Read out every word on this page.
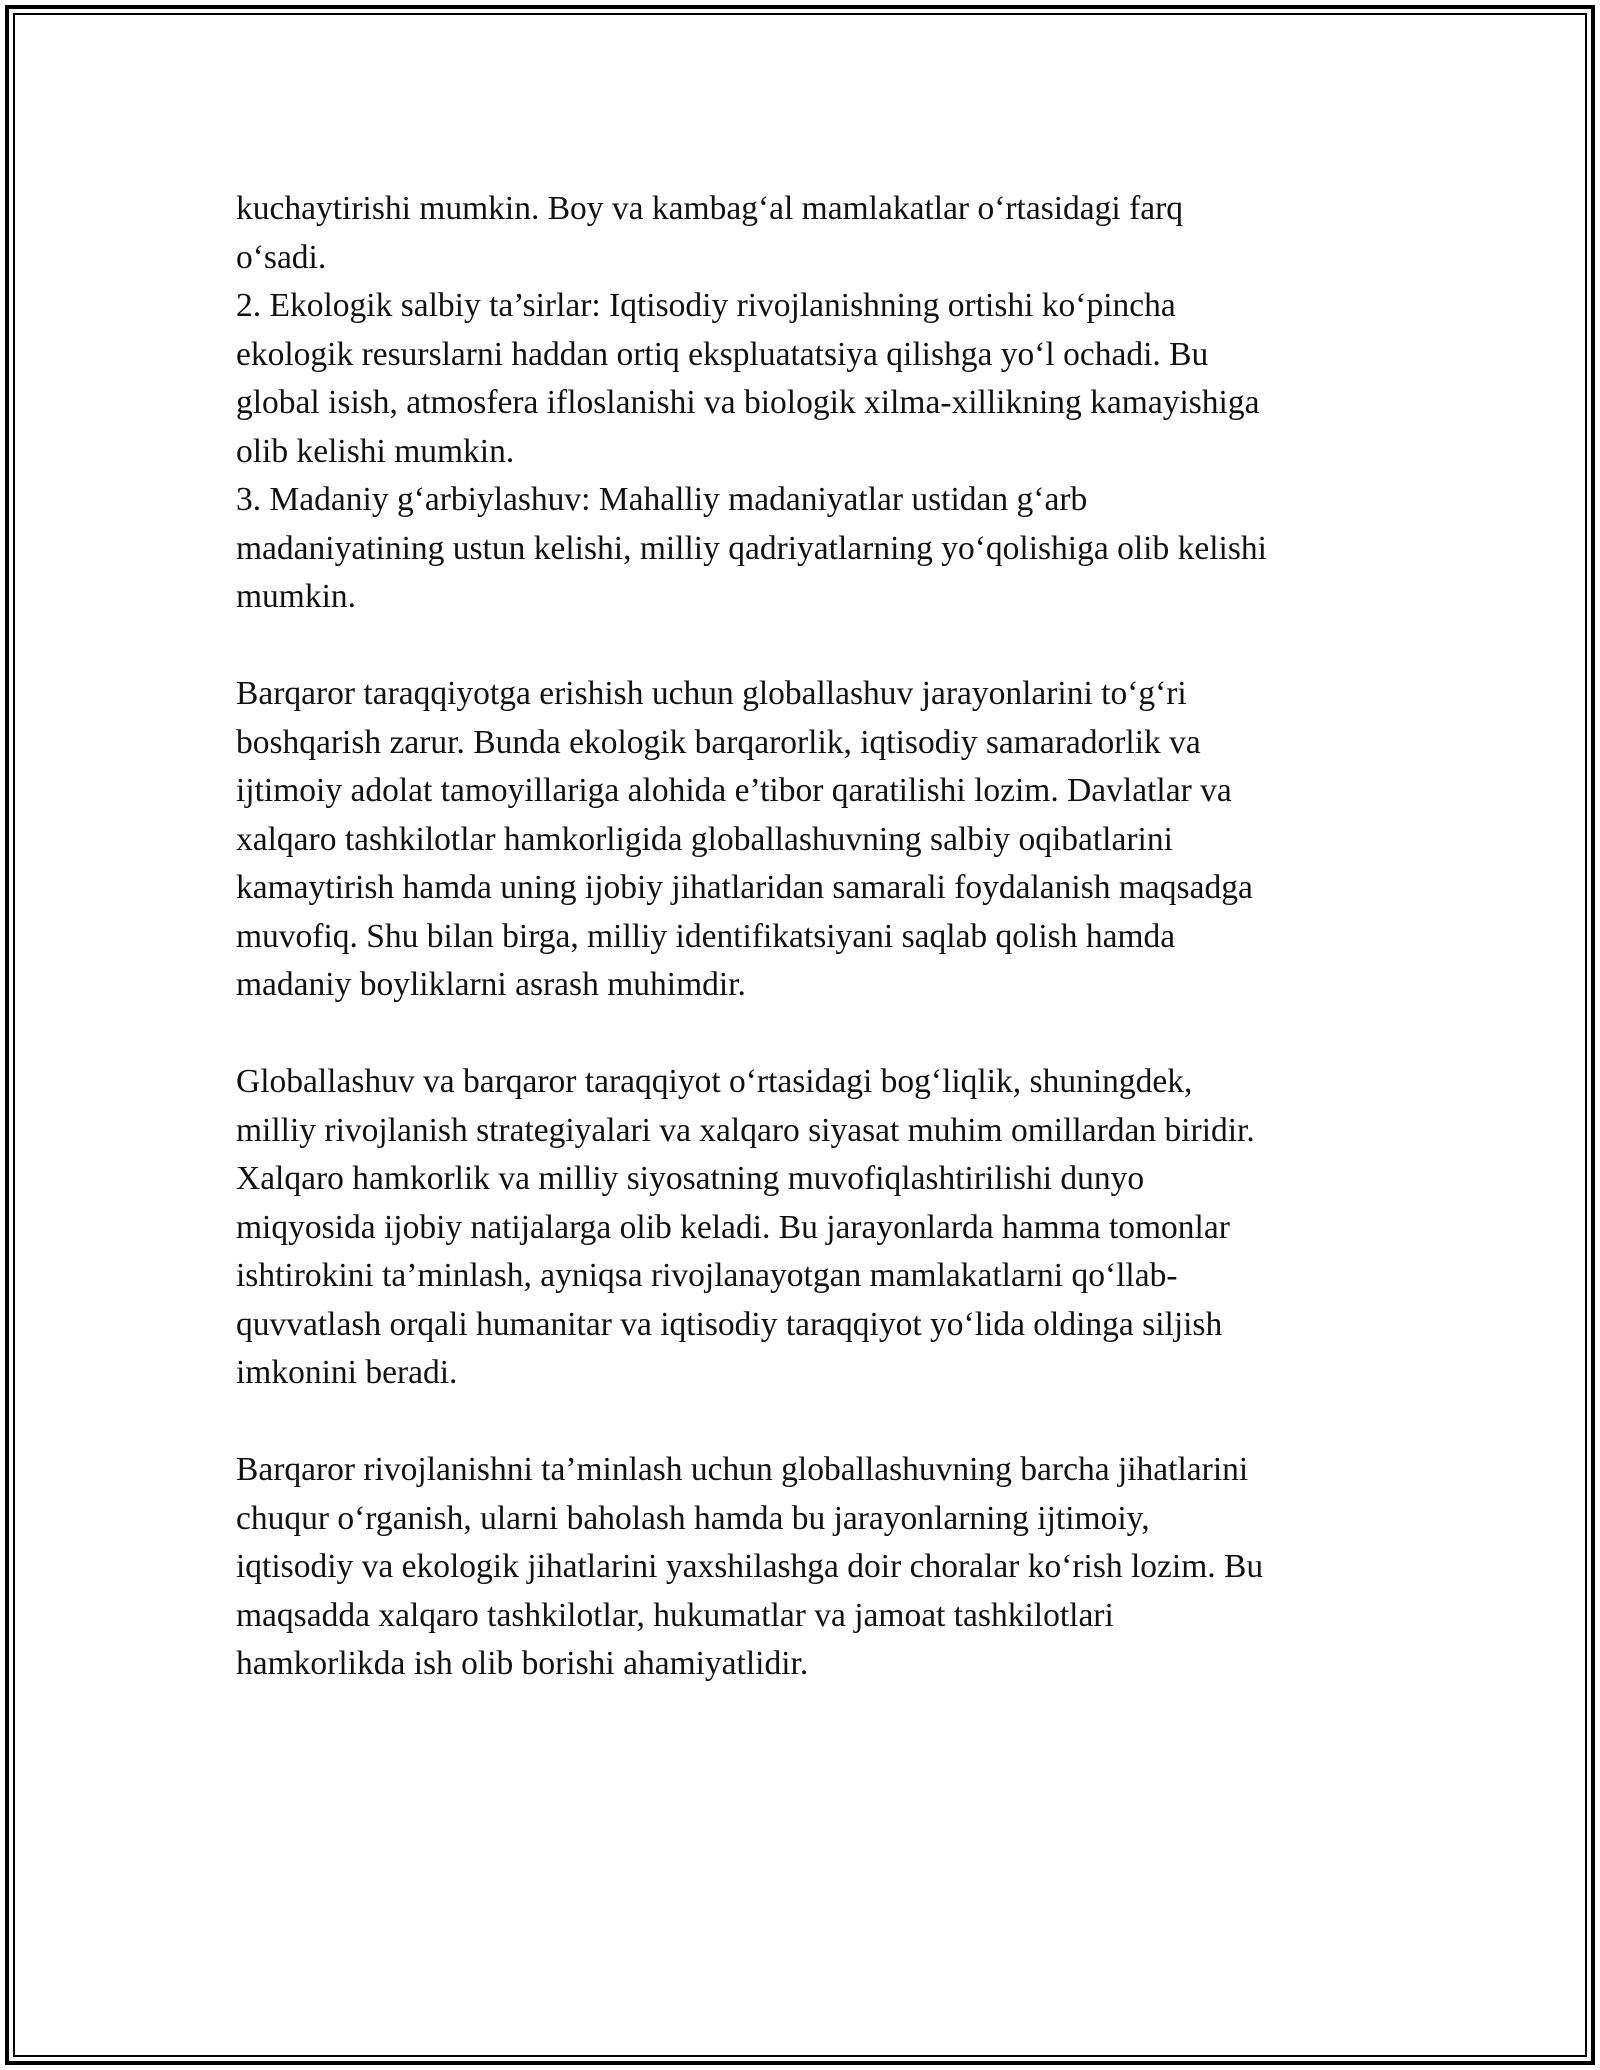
kuchaytirishi mumkin. Boy va kambag‘al mamlakatlar o‘rtasidagi farq

o‘sadi.

2. Ekologik salbiy ta’sirlar: Iqtisodiy rivojlanishning ortishi ko‘pincha

ekologik resurslarni haddan ortiq ekspluatatsiya qilishga yo‘l ochadi. Bu

global isish, atmosfera ifloslanishi va biologik xilma-xillikning kamayishiga

olib kelishi mumkin.

3. Madaniy g‘arbiylashuv: Mahalliy madaniyatlar ustidan g‘arb

madaniyatining ustun kelishi, milliy qadriyatlarning yo‘qolishiga olib kelishi

mumkin.

Barqaror taraqqiyotga erishish uchun globallashuv jarayonlarini to‘g‘ri

boshqarish zarur. Bunda ekologik barqarorlik, iqtisodiy samaradorlik va

ijtimoiy adolat tamoyillariga alohida e’tibor qaratilishi lozim. Davlatlar va

xalqaro tashkilotlar hamkorligida globallashuvning salbiy oqibatlarini

kamaytirish hamda uning ijobiy jihatlaridan samarali foydalanish maqsadga

muvofiq. Shu bilan birga, milliy identifikatsiyani saqlab qolish hamda

madaniy boyliklarni asrash muhimdir.

Globallashuv va barqaror taraqqiyot o‘rtasidagi bog‘liqlik, shuningdek,

milliy rivojlanish strategiyalari va xalqaro siyasat muhim omillardan biridir.

Xalqaro hamkorlik va milliy siyosatning muvofiqlashtirilishi dunyo

miqyosida ijobiy natijalarga olib keladi. Bu jarayonlarda hamma tomonlar

ishtirokini ta’minlash, ayniqsa rivojlanayotgan mamlakatlarni qo‘llab-

quvvatlash orqali humanitar va iqtisodiy taraqqiyot yo‘lida oldinga siljish

imkonini beradi.

Barqaror rivojlanishni ta’minlash uchun globallashuvning barcha jihatlarini

chuqur o‘rganish, ularni baholash hamda bu jarayonlarning ijtimoiy,

iqtisodiy va ekologik jihatlarini yaxshilashga doir choralar ko‘rish lozim. Bu

maqsadda xalqaro tashkilotlar, hukumatlar va jamoat tashkilotlari

hamkorlikda ish olib borishi ahamiyatlidir.
